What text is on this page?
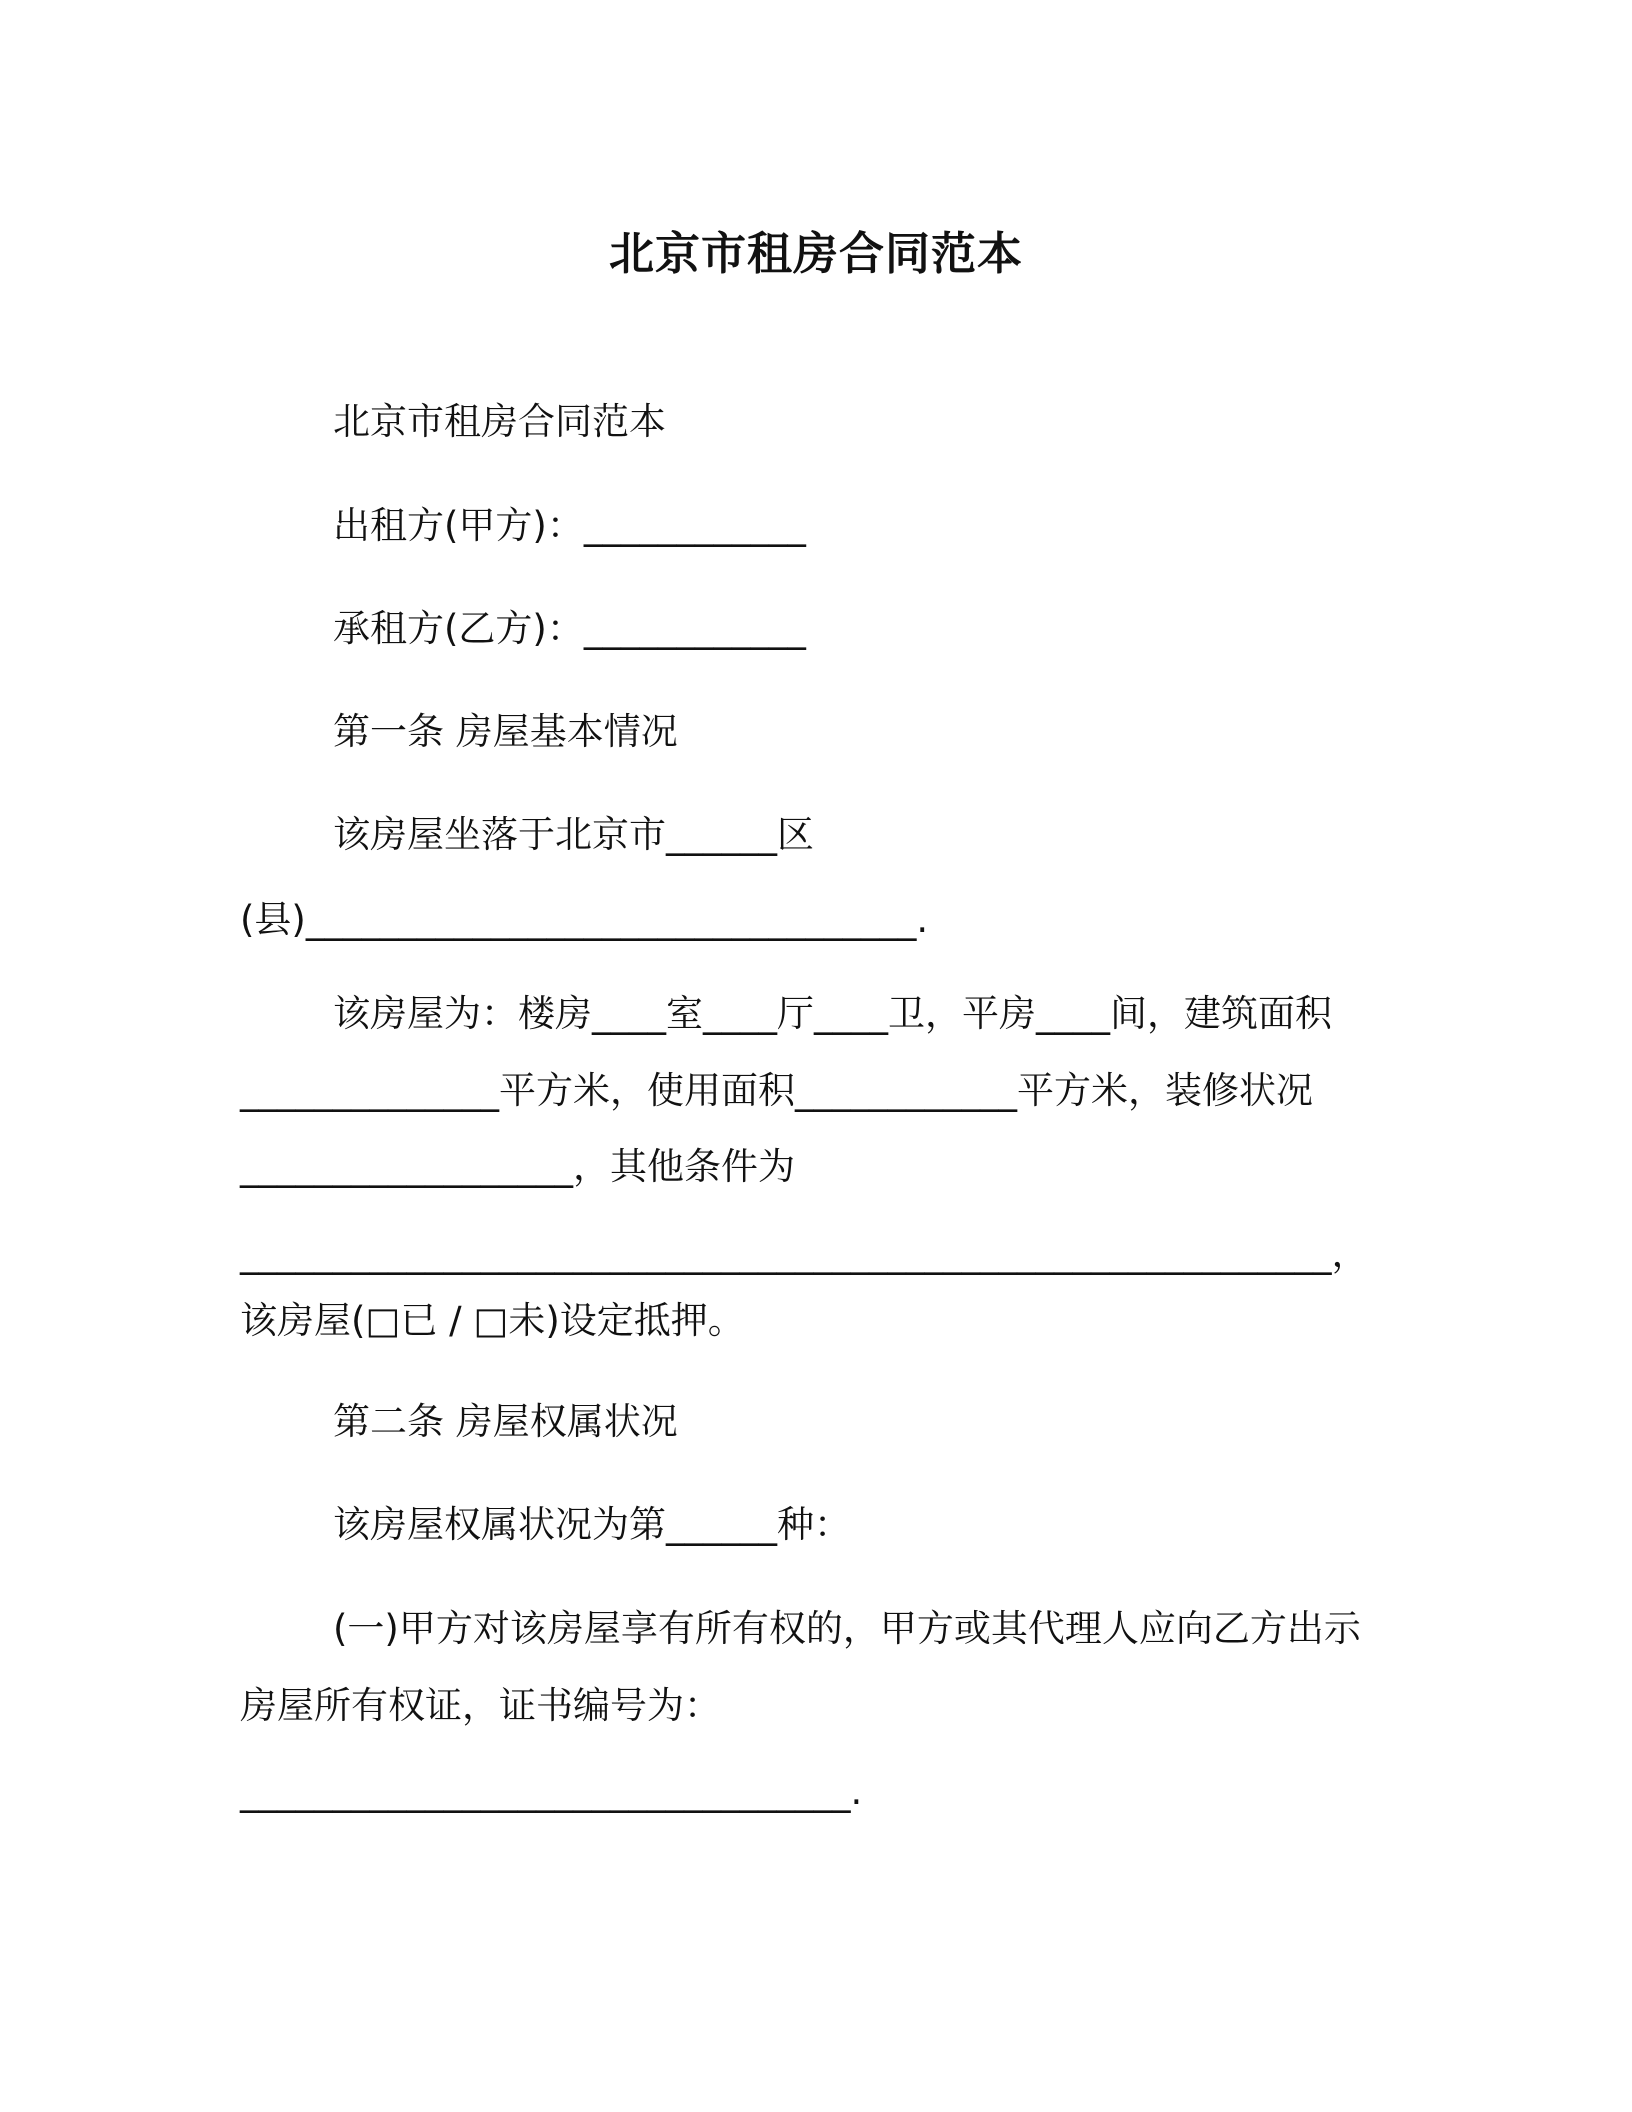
北京市租房合同范本
北京市租房合同范本
出租方(甲方)：____________
承租方(乙方)：____________
第一条 房屋基本情况
该房屋坐落于北京市______区
(县)_________________________________.
该房屋为：楼房____室____厅____卫，平房____间，建筑面积
______________平方米，使用面积____________平方米，装修状况
__________________，其他条件为
___________________________________________________________，
该房屋(□已 / □未)设定抵押。
第二条 房屋权属状况
该房屋权属状况为第______种：
(一)甲方对该房屋享有所有权的，甲方或其代理人应向乙方出示
房屋所有权证，证书编号为：
_________________________________.
